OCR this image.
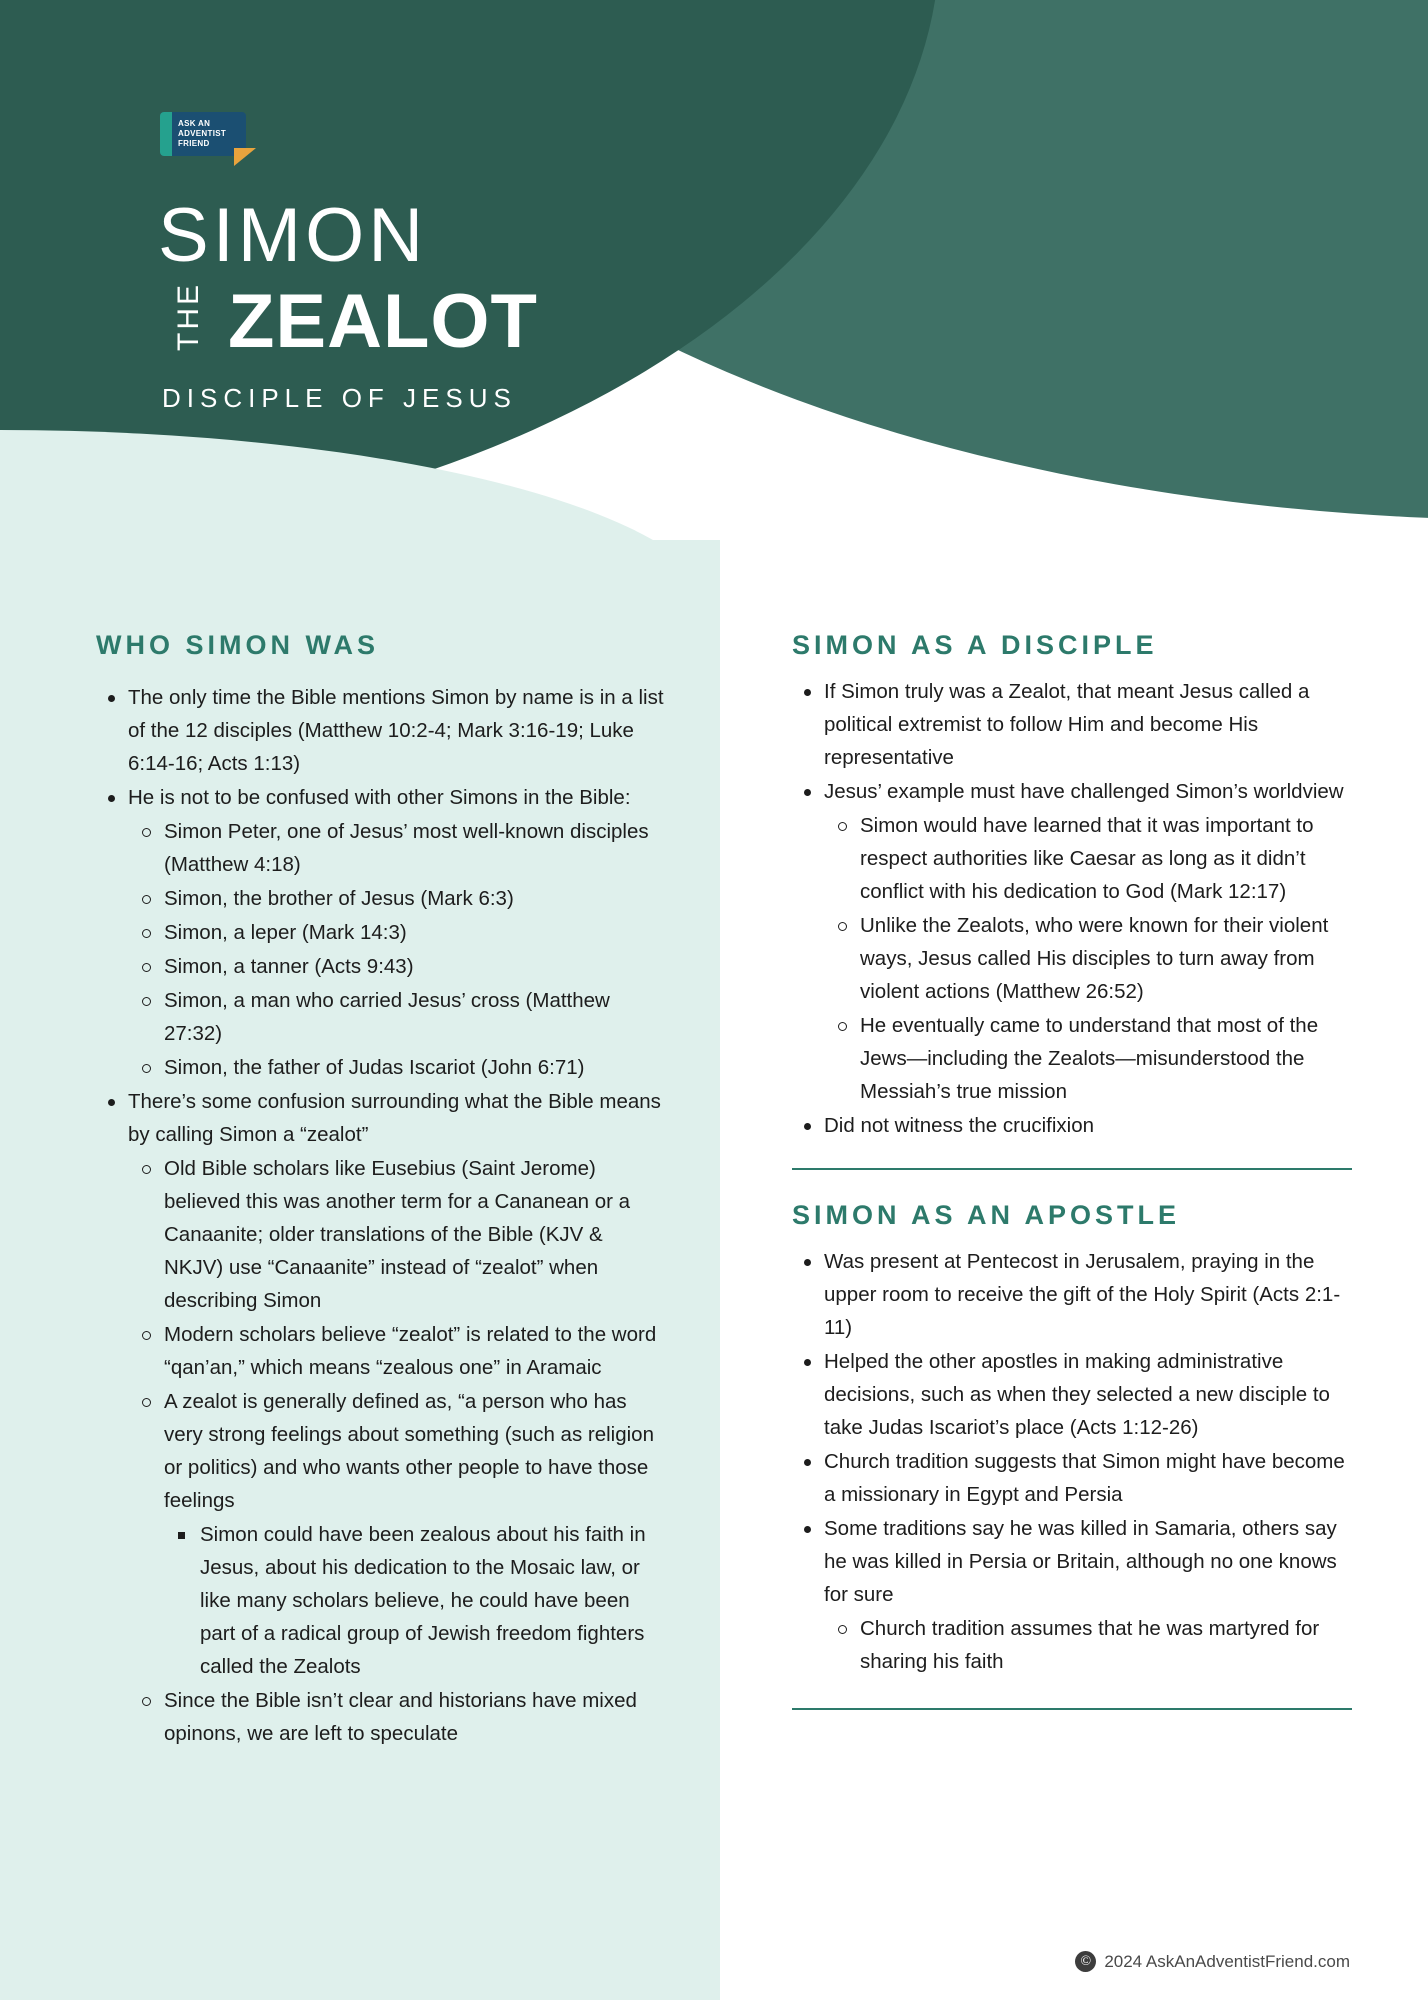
ASK AN
ADVENTIST
FRIEND
SIMON
THE ZEALOT
DISCIPLE OF JESUS
WHO SIMON WAS
The only time the Bible mentions Simon by name is in a list of the 12 disciples (Matthew 10:2-4; Mark 3:16-19; Luke 6:14-16; Acts 1:13)
He is not to be confused with other Simons in the Bible:
Simon Peter, one of Jesus’ most well-known disciples (Matthew 4:18)
Simon, the brother of Jesus (Mark 6:3)
Simon, a leper (Mark 14:3)
Simon, a tanner (Acts 9:43)
Simon, a man who carried Jesus’ cross (Matthew 27:32)
Simon, the father of Judas Iscariot (John 6:71)
There’s some confusion surrounding what the Bible means by calling Simon a “zealot”
Old Bible scholars like Eusebius (Saint Jerome) believed this was another term for a Cananean or a Canaanite; older translations of the Bible (KJV & NKJV) use “Canaanite” instead of “zealot” when describing Simon
Modern scholars believe “zealot” is related to the word “qan’an,” which means “zealous one” in Aramaic
A zealot is generally defined as, “a person who has very strong feelings about something (such as religion or politics) and who wants other people to have those feelings
Simon could have been zealous about his faith in Jesus, about his dedication to the Mosaic law, or like many scholars believe, he could have been part of a radical group of Jewish freedom fighters called the Zealots
Since the Bible isn’t clear and historians have mixed opinons, we are left to speculate
SIMON AS A DISCIPLE
If Simon truly was a Zealot, that meant Jesus called a political extremist to follow Him and become His representative
Jesus’ example must have challenged Simon’s worldview
Simon would have learned that it was important to respect authorities like Caesar as long as it didn’t conflict with his dedication to God (Mark 12:17)
Unlike the Zealots, who were known for their violent ways, Jesus called His disciples to turn away from violent actions (Matthew 26:52)
He eventually came to understand that most of the Jews—including the Zealots—misunderstood the Messiah’s true mission
Did not witness the crucifixion
SIMON AS AN APOSTLE
Was present at Pentecost in Jerusalem, praying in the upper room to receive the gift of the Holy Spirit (Acts 2:1-11)
Helped the other apostles in making administrative decisions, such as when they selected a new disciple to take Judas Iscariot’s place (Acts 1:12-26)
Church tradition suggests that Simon might have become a missionary in Egypt and Persia
Some traditions say he was killed in Samaria, others say he was killed in Persia or Britain, although no one knows for sure
Church tradition assumes that he was martyred for sharing his faith
© 2024 AskAnAdventistFriend.com
